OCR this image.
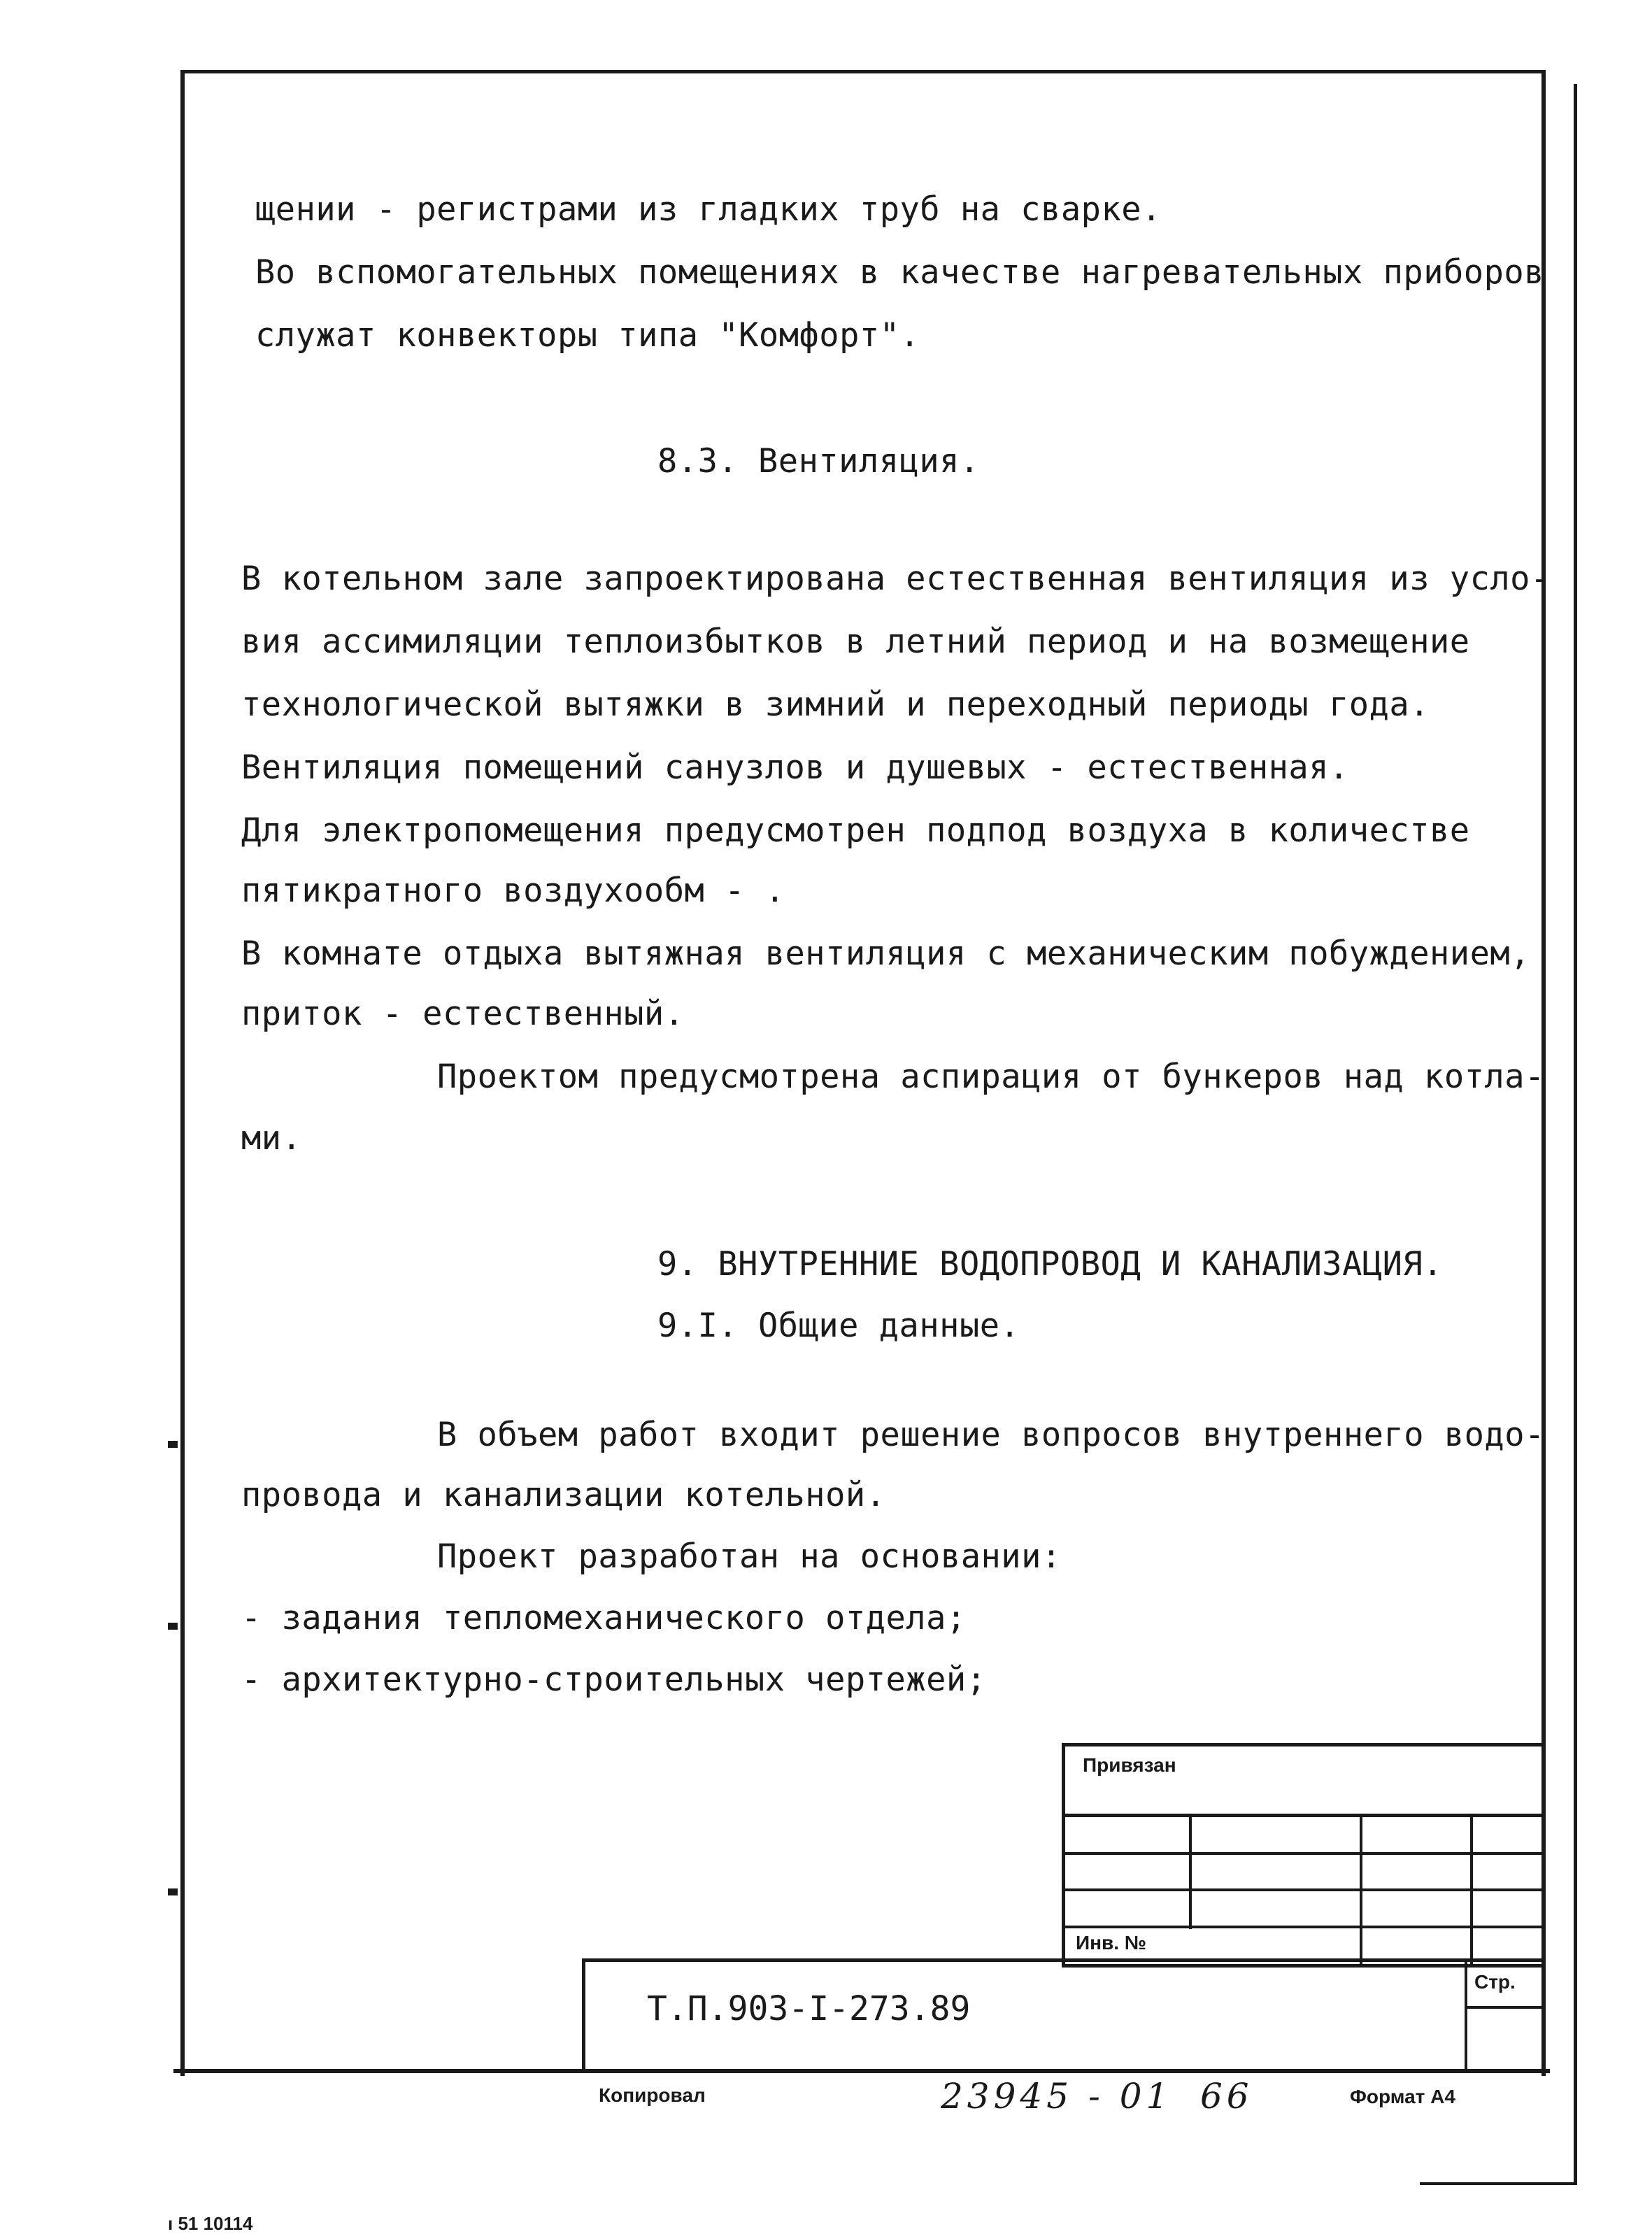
щении - регистрами из гладких труб на сварке.
Во вспомогательных помещениях в качестве нагревательных приборов
служат конвекторы типа "Комфорт".
8.3. Вентиляция.
В котельном зале запроектирована естественная вентиляция из усло-
вия ассимиляции теплоизбытков в летний период и на возмещение
технологической вытяжки в зимний и переходный периоды года.
Вентиляция помещений санузлов и душевых - естественная.
Для электропомещения предусмотрен подпод воздуха в количестве
пятикратного воздухообм - .
В комнате отдыха вытяжная вентиляция с механическим побуждением,
приток - естественный.
Проектом предусмотрена аспирация от бункеров над котла-
ми.
9. ВНУТРЕННИЕ ВОДОПРОВОД И КАНАЛИЗАЦИЯ.
9.I. Общие данные.
В объем работ входит решение вопросов внутреннего водо-
провода и канализации котельной.
Проект разработан на основании:
- задания тепломеханического отдела;
- архитектурно-строительных чертежей;
Привязан
Инв. №
Т.П.903-I-273.89
Стр.
Копировал	23945 - 01 66	Формат А4
ı 51 10114
